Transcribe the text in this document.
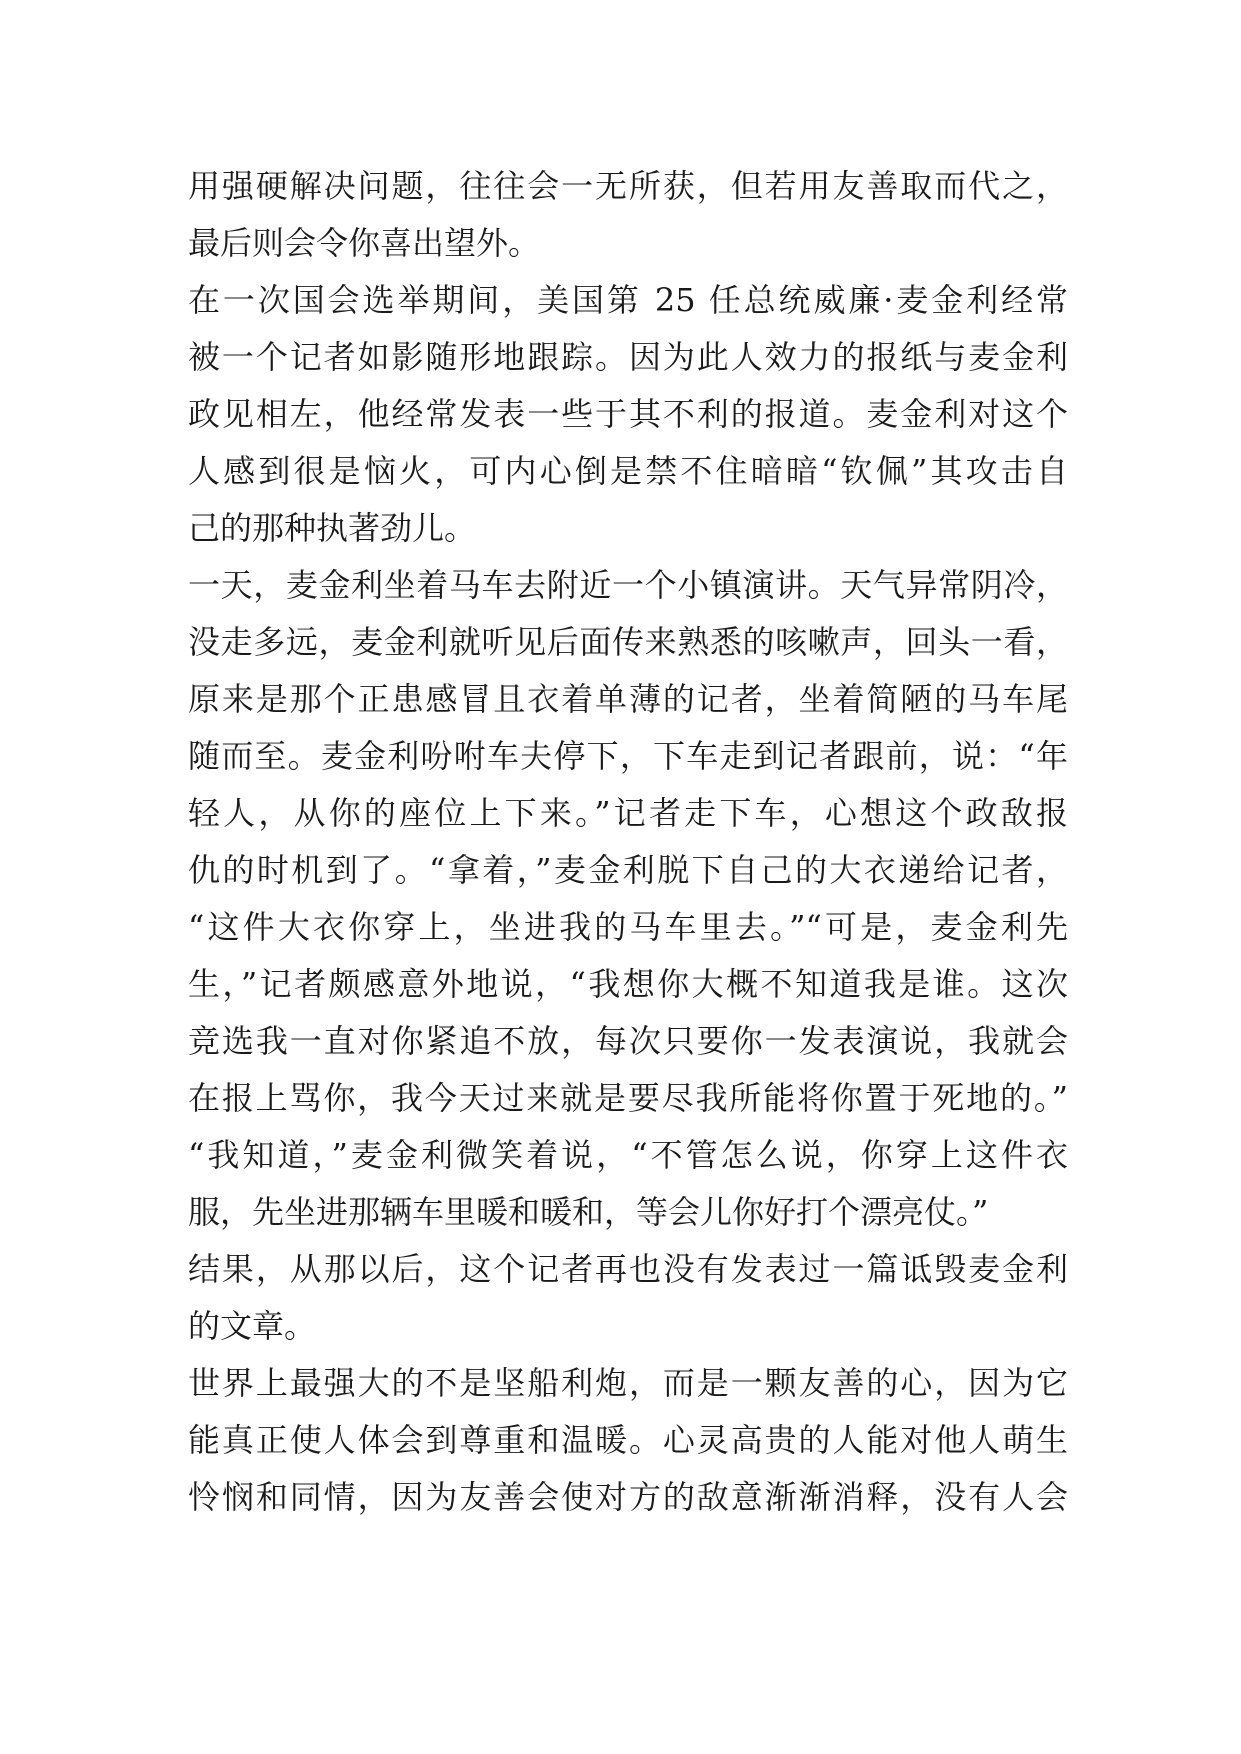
用强硬解决问题，往往会一无所获，但若用友善取而代之，
最后则会令你喜出望外。
在一次国会选举期间，美国第 25 任总统威廉·麦金利经常
被一个记者如影随形地跟踪。因为此人效力的报纸与麦金利
政见相左，他经常发表一些于其不利的报道。麦金利对这个
人感到很是恼火，可内心倒是禁不住暗暗“钦佩”其攻击自
己的那种执著劲儿。
一天，麦金利坐着马车去附近一个小镇演讲。天气异常阴冷，
没走多远，麦金利就听见后面传来熟悉的咳嗽声，回头一看，
原来是那个正患感冒且衣着单薄的记者，坐着简陋的马车尾
随而至。麦金利吩咐车夫停下，下车走到记者跟前，说：“年
轻人，从你的座位上下来。”记者走下车，心想这个政敌报
仇的时机到了。“拿着，”麦金利脱下自己的大衣递给记者，
“这件大衣你穿上，坐进我的马车里去。”“可是，麦金利先
生，”记者颇感意外地说，“我想你大概不知道我是谁。这次
竞选我一直对你紧追不放，每次只要你一发表演说，我就会
在报上骂你，我今天过来就是要尽我所能将你置于死地的。”
“我知道，”麦金利微笑着说，“不管怎么说，你穿上这件衣
服，先坐进那辆车里暖和暖和，等会儿你好打个漂亮仗。”
结果，从那以后，这个记者再也没有发表过一篇诋毁麦金利
的文章。
世界上最强大的不是坚船利炮，而是一颗友善的心，因为它
能真正使人体会到尊重和温暖。心灵高贵的人能对他人萌生
怜悯和同情，因为友善会使对方的敌意渐渐消释，没有人会
